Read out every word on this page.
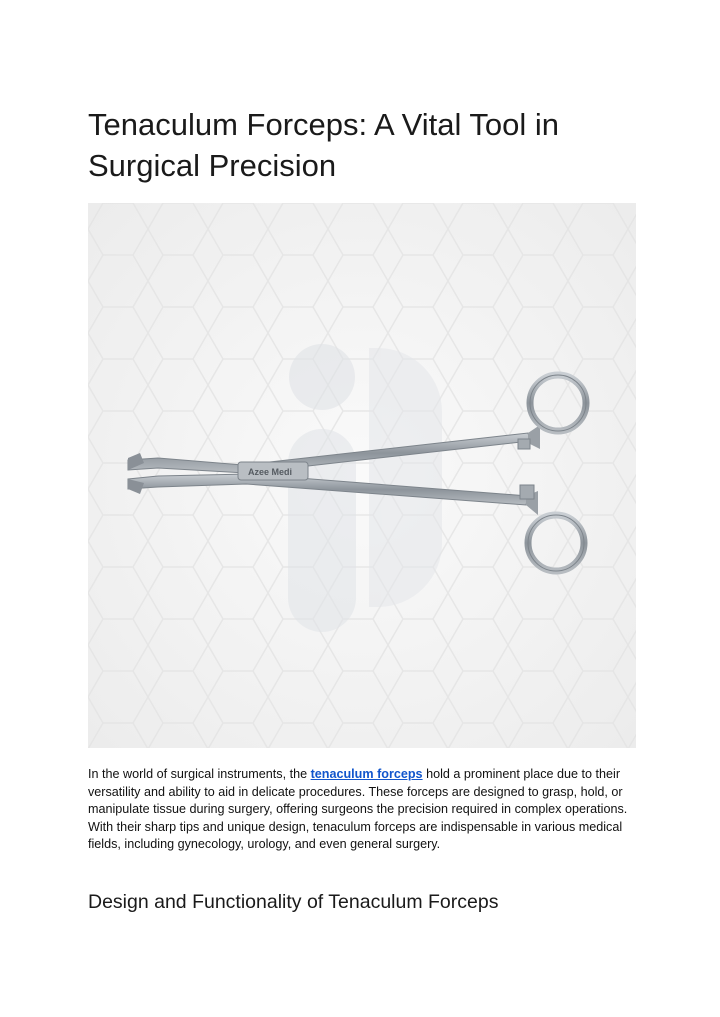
Tenaculum Forceps: A Vital Tool in Surgical Precision
Azee Medi

In the world of surgical instruments, the tenaculum forceps hold a prominent place due to their versatility and ability to aid in delicate procedures. These forceps are designed to grasp, hold, or manipulate tissue during surgery, offering surgeons the precision required in complex operations. With their sharp tips and unique design, tenaculum forceps are indispensable in various medical fields, including gynecology, urology, and even general surgery.

Design and Functionality of Tenaculum Forceps
